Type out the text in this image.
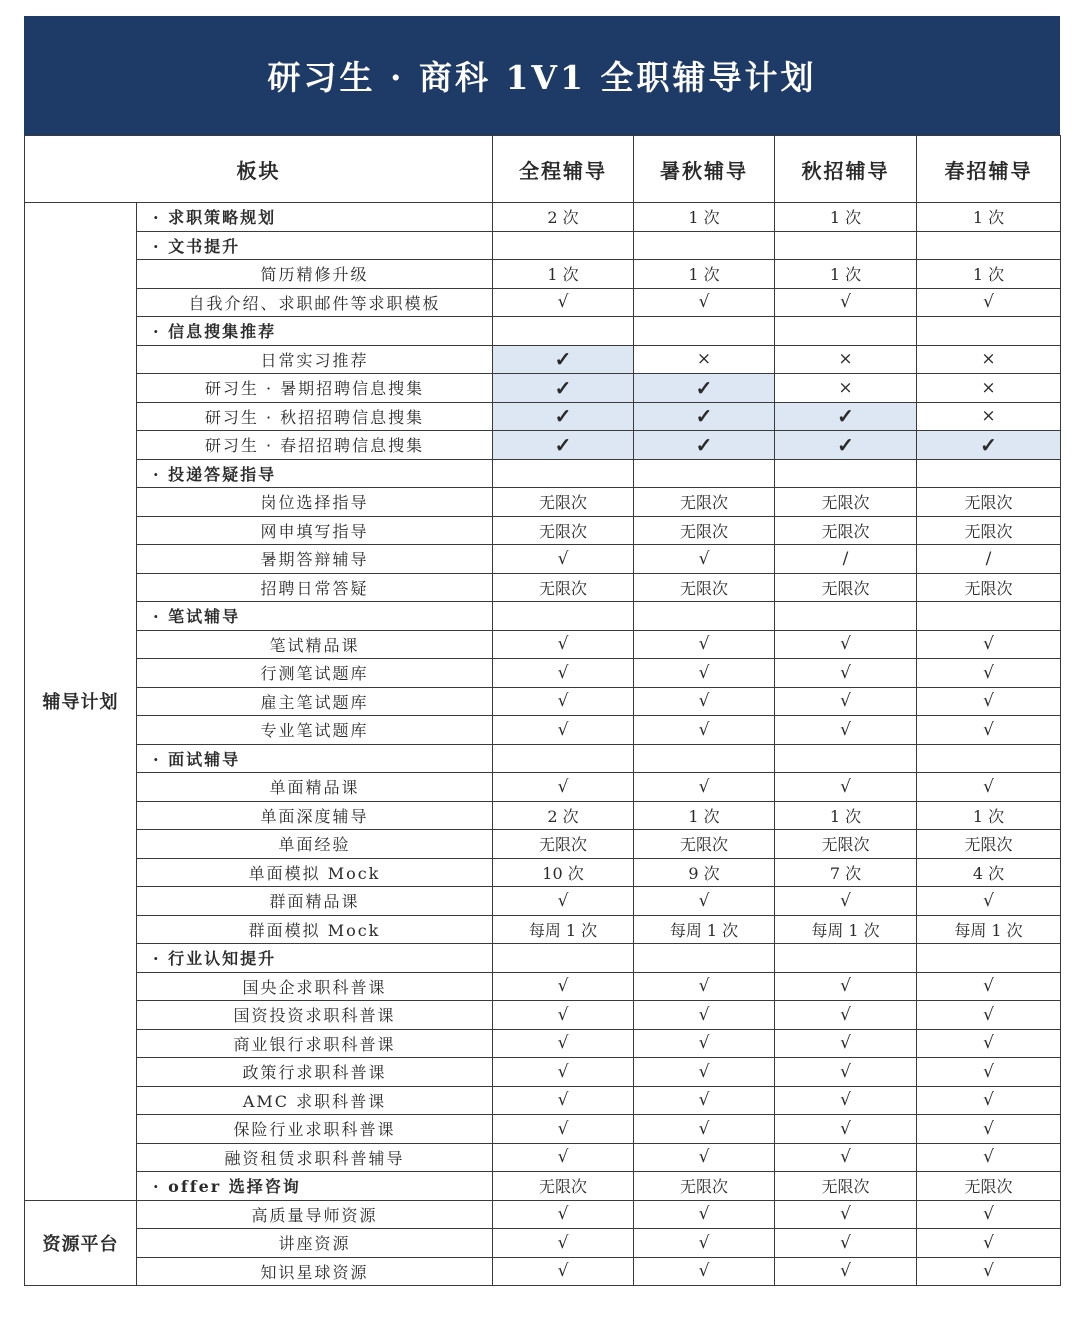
研习生 · 商科 1V1 全职辅导计划
板块		全程辅导	暑秋辅导	秋招辅导	春招辅导
辅导计划	· 求职策略规划	2 次	1 次	1 次	1 次
	· 文书提升				
	简历精修升级	1 次	1 次	1 次	1 次
	自我介绍、求职邮件等求职模板	√	√	√	√
	· 信息搜集推荐				
	日常实习推荐	✓	×	×	×
	研习生 · 暑期招聘信息搜集	✓	✓	×	×
	研习生 · 秋招招聘信息搜集	✓	✓	✓	×
	研习生 · 春招招聘信息搜集	✓	✓	✓	✓
	· 投递答疑指导				
	岗位选择指导	无限次	无限次	无限次	无限次
	网申填写指导	无限次	无限次	无限次	无限次
	暑期答辩辅导	√	√	/	/
	招聘日常答疑	无限次	无限次	无限次	无限次
	· 笔试辅导				
	笔试精品课	√	√	√	√
	行测笔试题库	√	√	√	√
	雇主笔试题库	√	√	√	√
	专业笔试题库	√	√	√	√
	· 面试辅导				
	单面精品课	√	√	√	√
	单面深度辅导	2 次	1 次	1 次	1 次
	单面经验	无限次	无限次	无限次	无限次
	单面模拟 Mock	10 次	9 次	7 次	4 次
	群面精品课	√	√	√	√
	群面模拟 Mock	每周 1 次	每周 1 次	每周 1 次	每周 1 次
	· 行业认知提升				
	国央企求职科普课	√	√	√	√
	国资投资求职科普课	√	√	√	√
	商业银行求职科普课	√	√	√	√
	政策行求职科普课	√	√	√	√
	AMC 求职科普课	√	√	√	√
	保险行业求职科普课	√	√	√	√
	融资租赁求职科普辅导	√	√	√	√
	· offer 选择咨询	无限次	无限次	无限次	无限次
资源平台	高质量导师资源	√	√	√	√
	讲座资源	√	√	√	√
	知识星球资源	√	√	√	√
